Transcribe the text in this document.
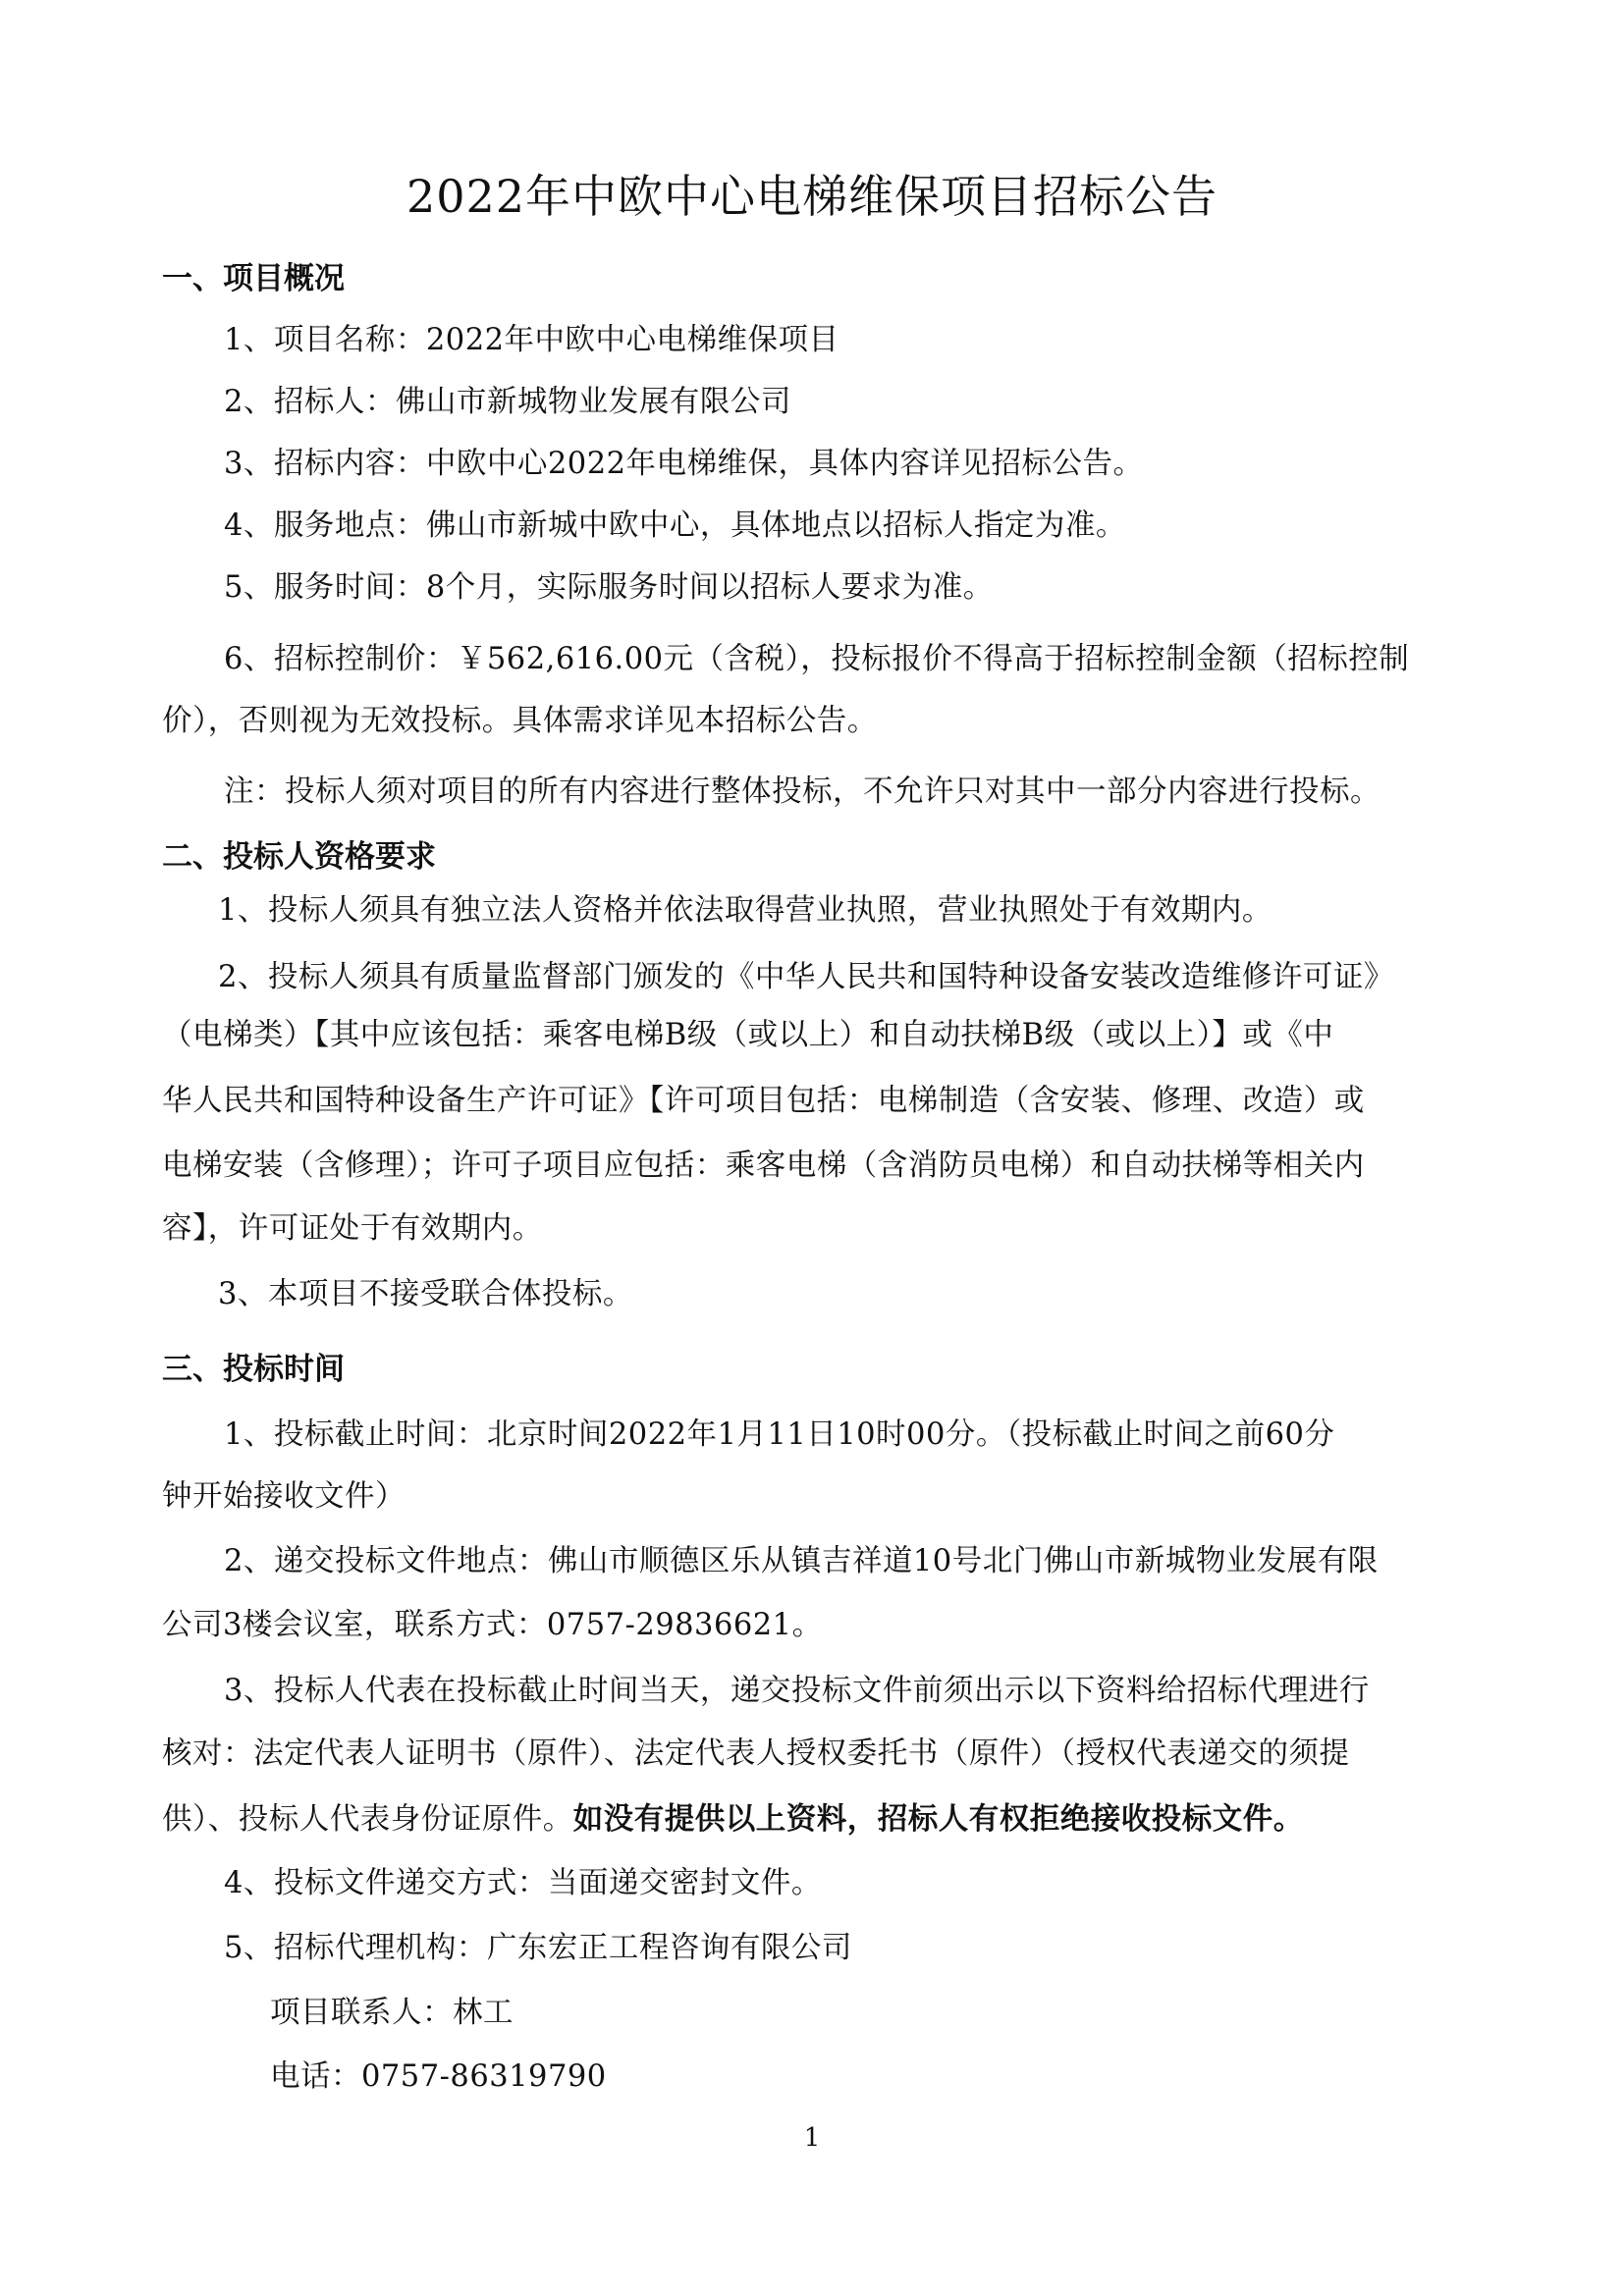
2022年中欧中心电梯维保项目招标公告
一、项目概况
1、项目名称：2022年中欧中心电梯维保项目
2、招标人：佛山市新城物业发展有限公司
3、招标内容：中欧中心2022年电梯维保，具体内容详见招标公告。
4、服务地点：佛山市新城中欧中心，具体地点以招标人指定为准。
5、服务时间：8个月，实际服务时间以招标人要求为准。
6、招标控制价：￥562,616.00元（含税），投标报价不得高于招标控制金额（招标控制
价），否则视为无效投标。具体需求详见本招标公告。
注：投标人须对项目的所有内容进行整体投标，不允许只对其中一部分内容进行投标。
二、投标人资格要求
1、投标人须具有独立法人资格并依法取得营业执照，营业执照处于有效期内。
2、投标人须具有质量监督部门颁发的《中华人民共和国特种设备安装改造维修许可证》
（电梯类）【其中应该包括：乘客电梯B级（或以上）和自动扶梯B级（或以上）】或《中
华人民共和国特种设备生产许可证》【许可项目包括：电梯制造（含安装、修理、改造）或
电梯安装（含修理）；许可子项目应包括：乘客电梯（含消防员电梯）和自动扶梯等相关内
容】，许可证处于有效期内。
3、本项目不接受联合体投标。
三、投标时间
1、投标截止时间：北京时间2022年1月11日10时00分。（投标截止时间之前60分
钟开始接收文件）
2、递交投标文件地点：佛山市顺德区乐从镇吉祥道10号北门佛山市新城物业发展有限
公司3楼会议室，联系方式：0757-29836621。
3、投标人代表在投标截止时间当天，递交投标文件前须出示以下资料给招标代理进行
核对：法定代表人证明书（原件）、法定代表人授权委托书（原件）（授权代表递交的须提
供）、投标人代表身份证原件。如没有提供以上资料，招标人有权拒绝接收投标文件。
4、投标文件递交方式：当面递交密封文件。
5、招标代理机构：广东宏正工程咨询有限公司
项目联系人：林工
电话：0757-86319790
1
